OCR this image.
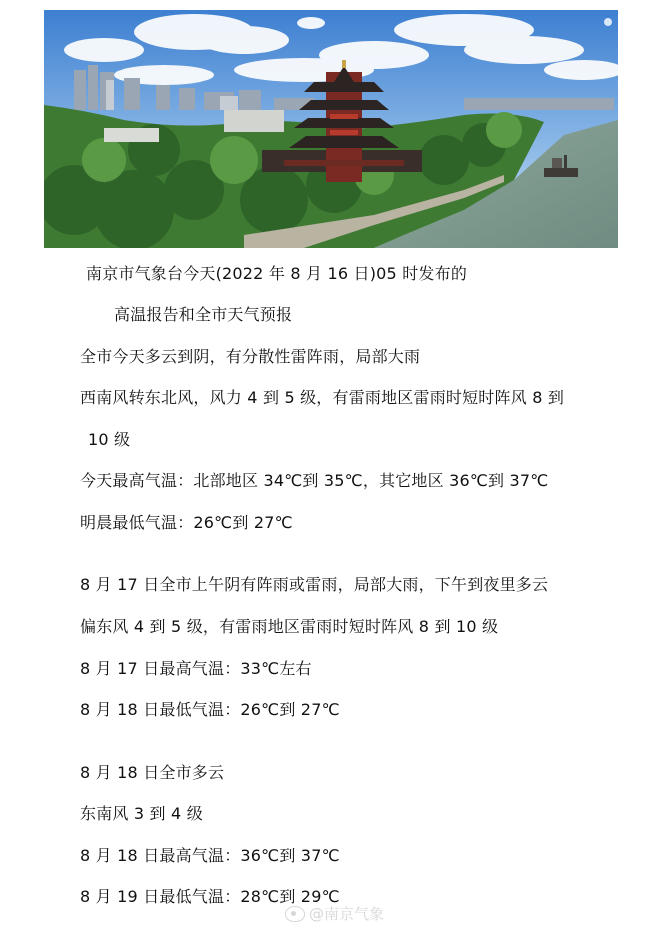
南京市气象台今天(2022 年 8 月 16 日)05 时发布的
高温报告和全市天气预报
全市今天多云到阴，有分散性雷阵雨，局部大雨
西南风转东北风，风力 4 到 5 级，有雷雨地区雷雨时短时阵风 8 到
10 级
今天最高气温：北部地区 34℃到 35℃，其它地区 36℃到 37℃
明晨最低气温：26℃到 27℃
8 月 17 日全市上午阴有阵雨或雷雨，局部大雨，下午到夜里多云
偏东风 4 到 5 级，有雷雨地区雷雨时短时阵风 8 到 10 级
8 月 17 日最高气温：33℃左右
8 月 18 日最低气温：26℃到 27℃
8 月 18 日全市多云
东南风 3 到 4 级
8 月 18 日最高气温：36℃到 37℃
8 月 19 日最低气温：28℃到 29℃
@南京气象
